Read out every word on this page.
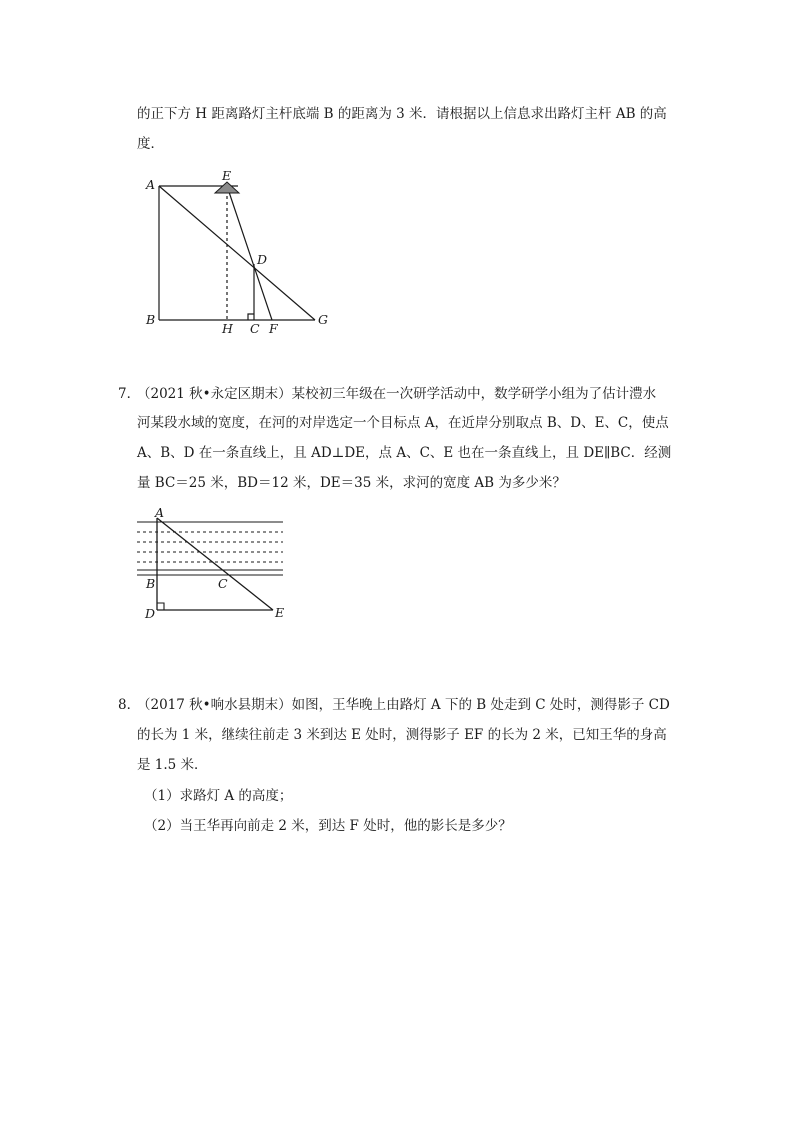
的正下方 H 距离路灯主杆底端 B 的距离为 3 米．请根据以上信息求出路灯主杆 AB 的高
度．
A
E
D
B
H C F
G
7．
（2021 秋•永定区期末）某校初三年级在一次研学活动中，数学研学小组为了估计澧水
河某段水域的宽度，在河的对岸选定一个目标点 A，在近岸分别取点 B、D、E、C，使点
A、B、D 在一条直线上，且 AD⊥DE，点 A、C、E 也在一条直线上，且 DE∥BC．经测
量 BC＝25 米，BD＝12 米，DE＝35 米，求河的宽度 AB 为多少米？
A
B	C
D	E
8．
（2017 秋•响水县期末）如图，王华晚上由路灯 A 下的 B 处走到 C 处时，测得影子 CD
的长为 1 米，继续往前走 3 米到达 E 处时，测得影子 EF 的长为 2 米，已知王华的身高
是 1.5 米．
（1）求路灯 A 的高度；
（2）当王华再向前走 2 米，到达 F 处时，他的影长是多少？
